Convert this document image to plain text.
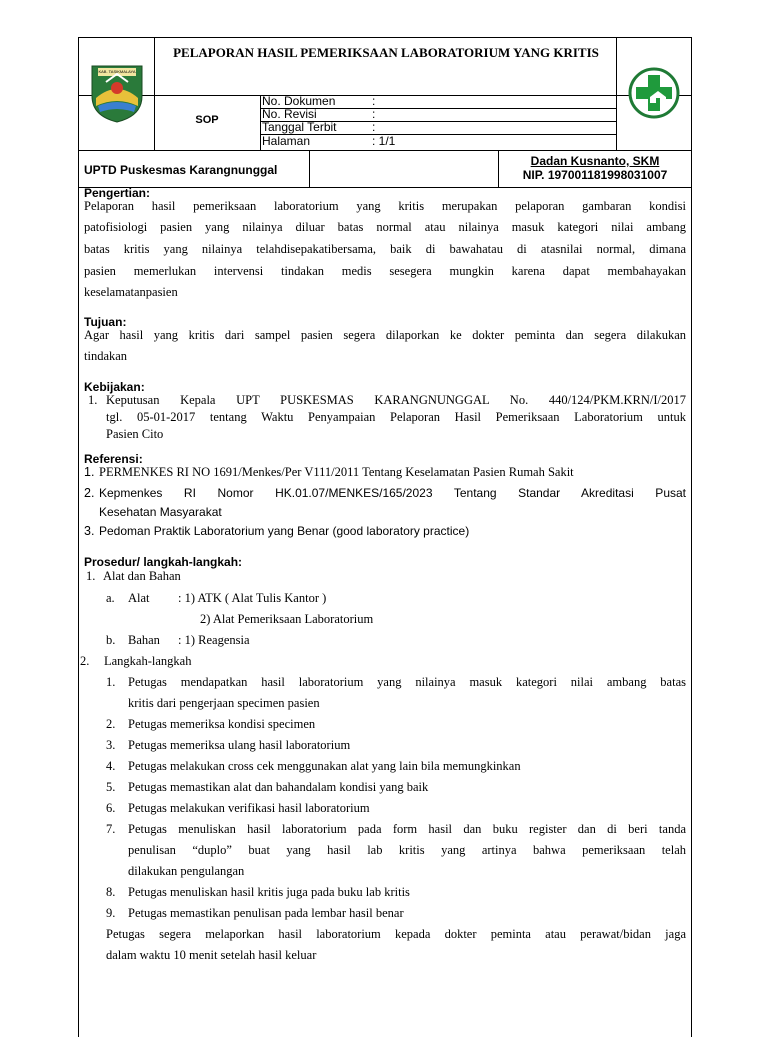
KAB. TASIKMALAYA
PELAPORAN HASIL PEMERIKSAAN LABORATORIUM YANG KRITIS
SOP
No. Dokumen	:
No. Revisi	:
Tanggal Terbit	:
Halaman	: 1/1
UPTD Puskesmas Karangnunggal
Dadan Kusnanto, SKM
NIP. 197001181998031007
Pengertian:
Pelaporan hasil pemeriksaan laboratorium yang kritis merupakan pelaporan gambaran kondisi
patofisiologi pasien yang nilainya diluar batas normal atau nilainya masuk kategori nilai ambang
batas kritis yang nilainya telahdisepakatibersama, baik di bawahatau di atasnilai normal, dimana
pasien memerlukan intervensi tindakan medis sesegera mungkin karena dapat membahayakan
keselamatanpasien
Tujuan:
Agar hasil yang kritis dari sampel pasien segera dilaporkan ke dokter peminta dan segera dilakukan
tindakan
Kebijakan:
1. Keputusan Kepala UPT PUSKESMAS KARANGNUNGGAL No. 440/124/PKM.KRN/I/2017
tgl. 05-01-2017 tentang Waktu Penyampaian Pelaporan Hasil Pemeriksaan Laboratorium untuk
Pasien Cito
Referensi:
1. PERMENKES RI NO 1691/Menkes/Per V111/2011 Tentang Keselamatan Pasien Rumah Sakit
2. Kepmenkes RI Nomor HK.01.07/MENKES/165/2023 Tentang Standar Akreditasi Pusat
Kesehatan Masyarakat
3. Pedoman Praktik Laboratorium yang Benar (good laboratory practice)
Prosedur/ langkah-langkah:
1. Alat dan Bahan
a. Alat : 1) ATK ( Alat Tulis Kantor )
2) Alat Pemeriksaan Laboratorium
b. Bahan : 1) Reagensia
2. Langkah-langkah
1. Petugas mendapatkan hasil laboratorium yang nilainya masuk kategori nilai ambang batas
kritis dari pengerjaan specimen pasien
2. Petugas memeriksa kondisi specimen
3. Petugas memeriksa ulang hasil laboratorium
4. Petugas melakukan cross cek menggunakan alat yang lain bila memungkinkan
5. Petugas memastikan alat dan bahandalam kondisi yang baik
6. Petugas melakukan verifikasi hasil laboratorium
7. Petugas menuliskan hasil laboratorium pada form hasil dan buku register dan di beri tanda
penulisan “duplo” buat yang hasil lab kritis yang artinya bahwa pemeriksaan telah
dilakukan pengulangan
8. Petugas menuliskan hasil kritis juga pada buku lab kritis
9. Petugas memastikan penulisan pada lembar hasil benar
Petugas segera melaporkan hasil laboratorium kepada dokter peminta atau perawat/bidan jaga
dalam waktu 10 menit setelah hasil keluar
